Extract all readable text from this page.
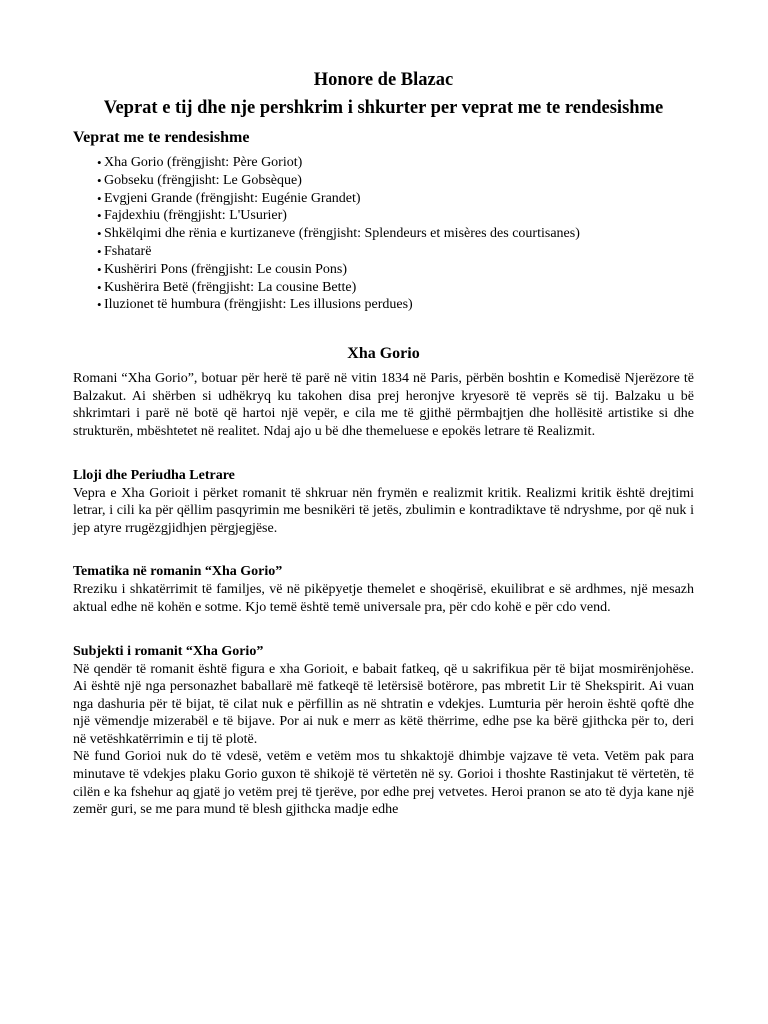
Honore de Blazac
Veprat e tij dhe nje pershkrim i shkurter per veprat me te rendesishme
Veprat me te rendesishme
• Xha Gorio (frëngjisht: Père Goriot)
• Gobseku (frëngjisht: Le Gobsèque)
• Evgjeni Grande (frëngjisht: Eugénie Grandet)
• Fajdexhiu (frëngjisht: L'Usurier)
• Shkëlqimi dhe rënia e kurtizaneve (frëngjisht: Splendeurs et misères des courtisanes)
• Fshatarë
• Kushëriri Pons (frëngjisht: Le cousin Pons)
• Kushërira Betë (frëngjisht: La cousine Bette)
• Iluzionet të humbura (frëngjisht: Les illusions perdues)
Xha Gorio

Romani “Xha Gorio”, botuar për herë të parë në vitin 1834 në Paris, përbën boshtin e Komedisë Njerëzore të Balzakut. Ai shërben si udhëkryq ku takohen disa prej heronjve kryesorë të veprës së tij. Balzaku u bë shkrimtari i parë në botë që hartoi një vepër, e cila me të gjithë përmbajtjen dhe hollësitë artistike si dhe strukturën, mbështetet në realitet. Ndaj ajo u bë dhe themeluese e epokës letrare të Realizmit.

Lloji dhe Periudha Letrare

Vepra e Xha Gorioit i përket romanit të shkruar nën frymën e realizmit kritik. Realizmi kritik është drejtimi letrar, i cili ka për qëllim pasqyrimin me besnikëri të jetës, zbulimin e kontradiktave të ndryshme, por që nuk i jep atyre rrugëzgjidhjen përgjegjëse.

Tematika në romanin “Xha Gorio”

Rreziku i shkatërrimit të familjes, vë në pikëpyetje themelet e shoqërisë, ekuilibrat e së ardhmes, një mesazh aktual edhe në kohën e sotme. Kjo temë është temë universale pra, për cdo kohë e për cdo vend.

Subjekti i romanit “Xha Gorio”

Në qendër të romanit është figura e xha Gorioit, e babait fatkeq, që u sakrifikua për të bijat mosmirënjohëse. Ai është një nga personazhet baballarë më fatkeqë të letërsisë botërore, pas mbretit Lir të Shekspirit. Ai vuan nga dashuria për të bijat, të cilat nuk e përfillin as në shtratin e vdekjes. Lumturia për heroin është qoftë dhe një vëmendje mizerabël e të bijave. Por ai nuk e merr as këtë thërrime, edhe pse ka bërë gjithcka për to, deri në vetëshkatërrimin e tij të plotë.

Në fund Gorioi nuk do të vdesë, vetëm e vetëm mos tu shkaktojë dhimbje vajzave të veta. Vetëm pak para minutave të vdekjes plaku Gorio guxon të shikojë të vërtetën në sy. Gorioi i thoshte Rastinjakut të vërtetën, të cilën e ka fshehur aq gjatë jo vetëm prej të tjerëve, por edhe prej vetvetes. Heroi pranon se ato të dyja kane një zemër guri, se me para mund të blesh gjithcka madje edhe
